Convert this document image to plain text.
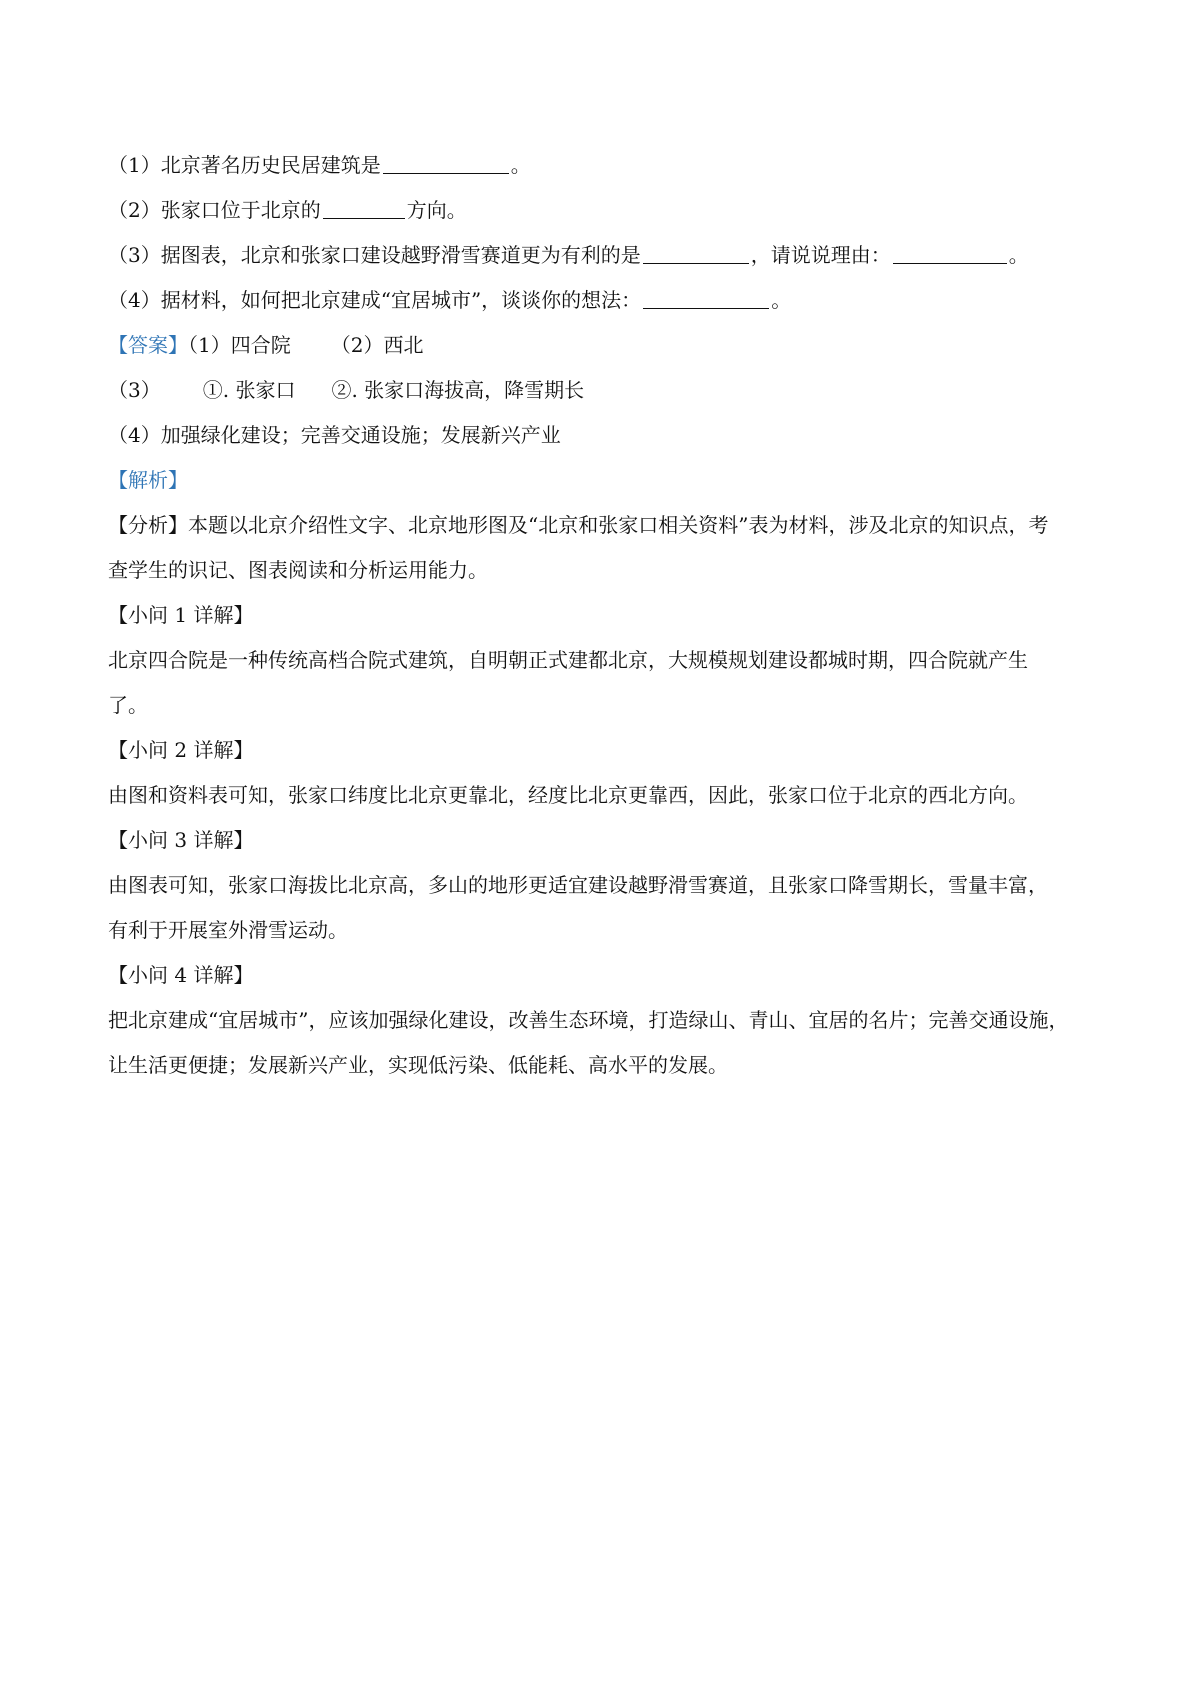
（1）北京著名历史民居建筑是	。
（2）张家口位于北京的	方向。
（3）据图表，北京和张家口建设越野滑雪赛道更为有利的是	，请说说理由：	。
（4）据材料，如何把北京建成“宜居城市”，谈谈你的想法：	。
【答案】（1）四合院 （2）西北
（3） ①. 张家口 ②. 张家口海拔高，降雪期长
（4）加强绿化建设；完善交通设施；发展新兴产业
【解析】
【分析】本题以北京介绍性文字、北京地形图及“北京和张家口相关资料”表为材料，涉及北京的知识点，考
查学生的识记、图表阅读和分析运用能力。
【小问 1 详解】
北京四合院是一种传统高档合院式建筑，自明朝正式建都北京，大规模规划建设都城时期，四合院就产生
了。
【小问 2 详解】
由图和资料表可知，张家口纬度比北京更靠北，经度比北京更靠西，因此，张家口位于北京的西北方向。
【小问 3 详解】
由图表可知，张家口海拔比北京高，多山的地形更适宜建设越野滑雪赛道，且张家口降雪期长，雪量丰富，
有利于开展室外滑雪运动。
【小问 4 详解】
把北京建成“宜居城市”，应该加强绿化建设，改善生态环境，打造绿山、青山、宜居的名片；完善交通设施，
让生活更便捷；发展新兴产业，实现低污染、低能耗、高水平的发展。
